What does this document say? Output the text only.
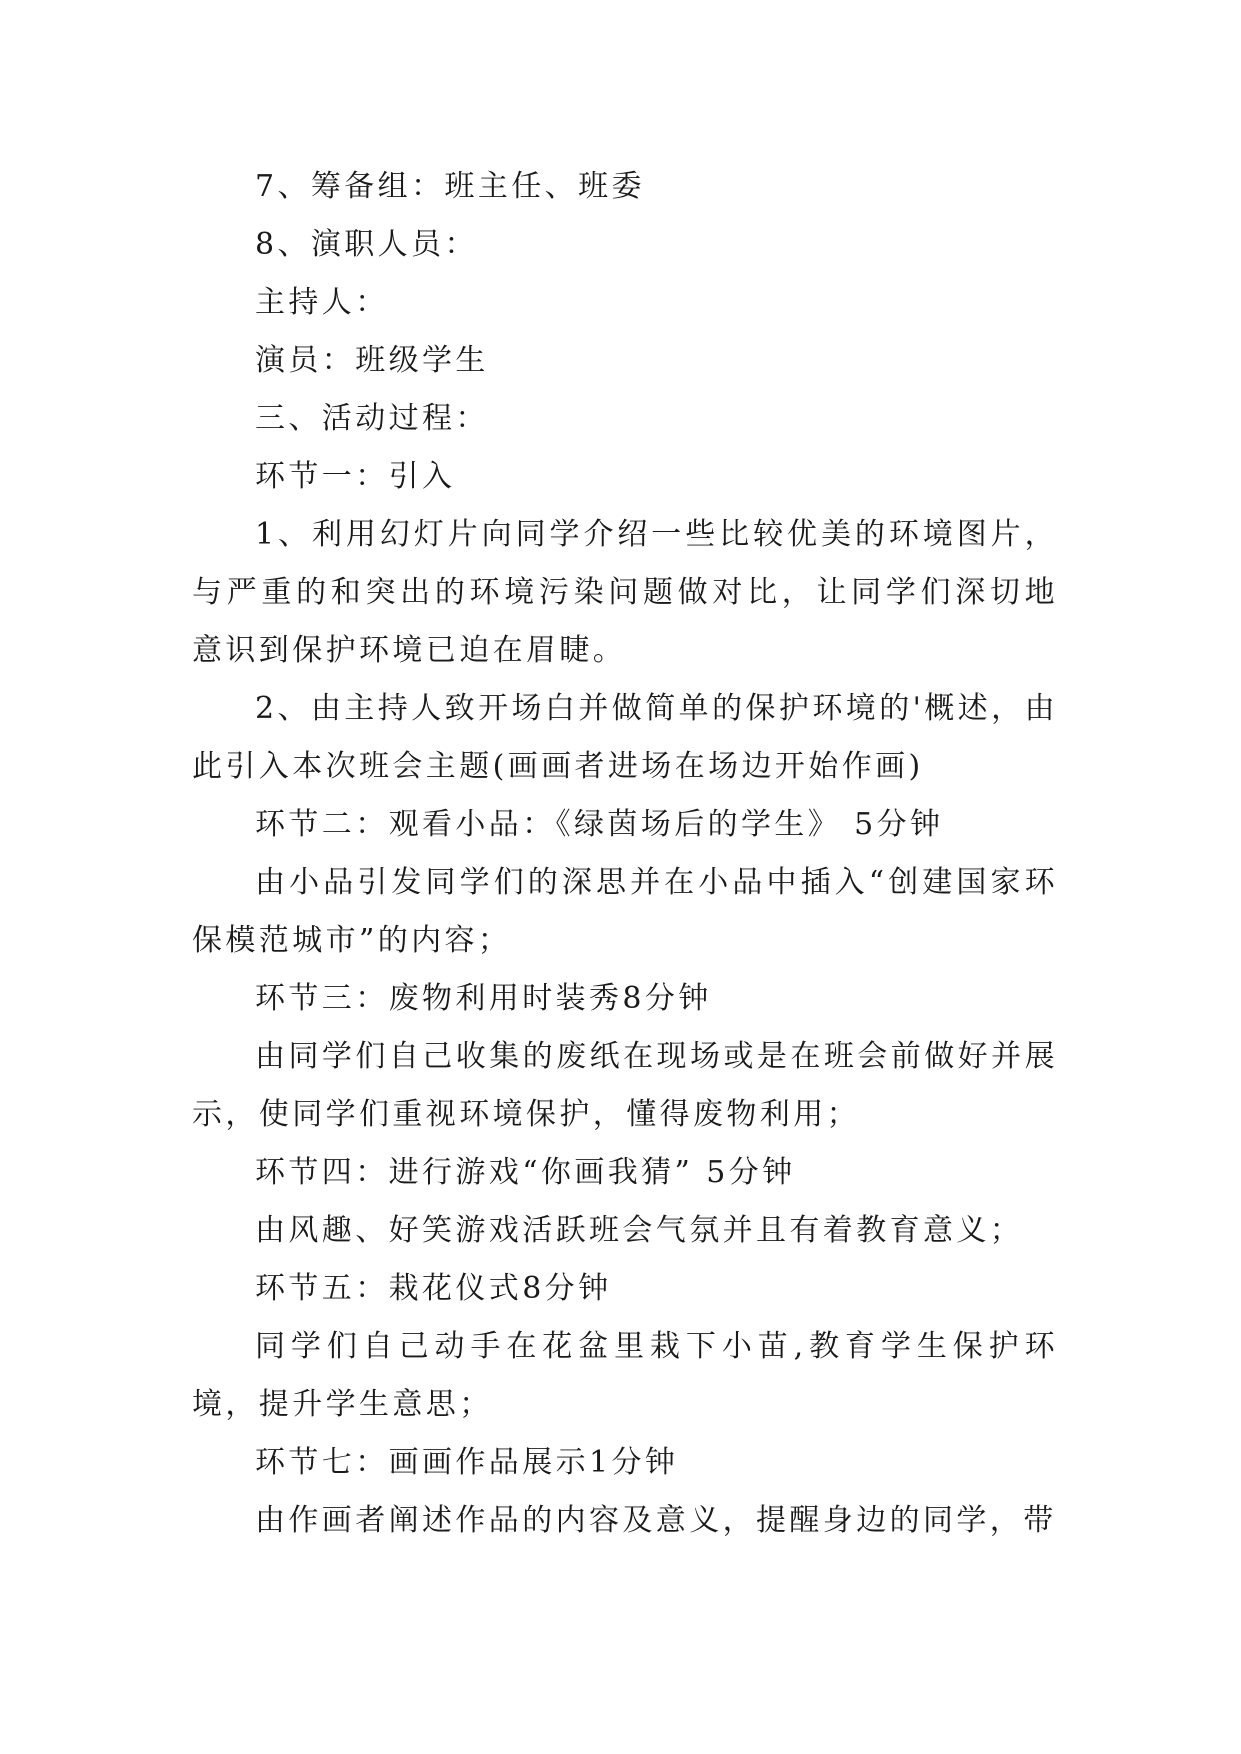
7、筹备组：班主任、班委

8、演职人员：

主持人：

演员：班级学生

三、活动过程：

环节一：引入

1、利用幻灯片向同学介绍一些比较优美的环境图片，与严重的和突出的环境污染问题做对比，让同学们深切地意识到保护环境已迫在眉睫。

2、由主持人致开场白并做简单的保护环境的'概述，由此引入本次班会主题(画画者进场在场边开始作画)

环节二：观看小品：《绿茵场后的学生》 5分钟

由小品引发同学们的深思并在小品中插入“创建国家环保模范城市”的内容；

环节三：废物利用时装秀8分钟

由同学们自己收集的废纸在现场或是在班会前做好并展示，使同学们重视环境保护，懂得废物利用；

环节四：进行游戏“你画我猜” 5分钟

由风趣、好笑游戏活跃班会气氛并且有着教育意义；

环节五：栽花仪式8分钟

同学们自己动手在花盆里栽下小苗,教育学生保护环境，提升学生意思；

环节七：画画作品展示1分钟

由作画者阐述作品的内容及意义，提醒身边的同学，带
